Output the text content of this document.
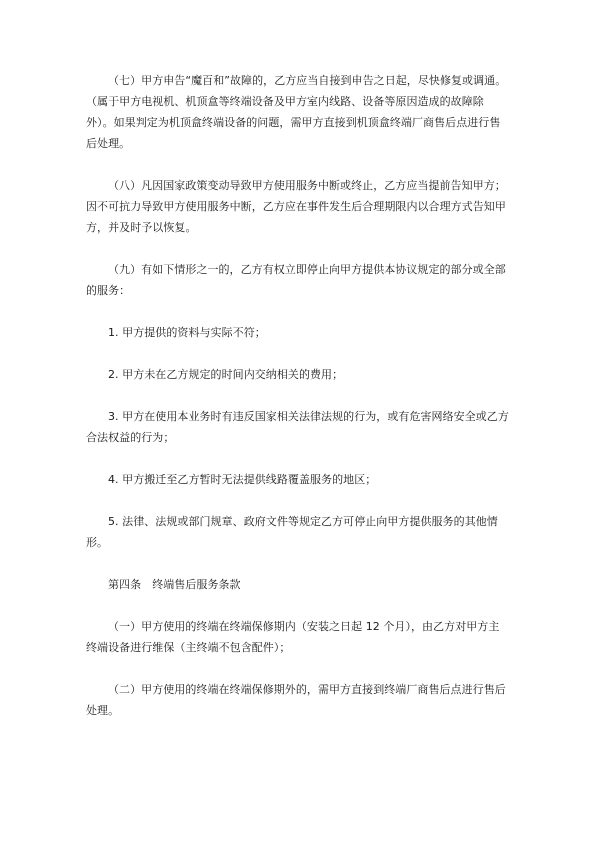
（七）甲方申告“魔百和”故障的，乙方应当自接到申告之日起，尽快修复或调通。（属于甲方电视机、机顶盒等终端设备及甲方室内线路、设备等原因造成的故障除外）。如果判定为机顶盒终端设备的问题，需甲方直接到机顶盒终端厂商售后点进行售后处理。

（八）凡因国家政策变动导致甲方使用服务中断或终止，乙方应当提前告知甲方；因不可抗力导致甲方使用服务中断，乙方应在事件发生后合理期限内以合理方式告知甲方，并及时予以恢复。

（九）有如下情形之一的，乙方有权立即停止向甲方提供本协议规定的部分或全部的服务：

1. 甲方提供的资料与实际不符；

2. 甲方未在乙方规定的时间内交纳相关的费用；

3. 甲方在使用本业务时有违反国家相关法律法规的行为，或有危害网络安全或乙方合法权益的行为；

4. 甲方搬迁至乙方暂时无法提供线路覆盖服务的地区；

5. 法律、法规或部门规章、政府文件等规定乙方可停止向甲方提供服务的其他情形。

第四条　终端售后服务条款

（一）甲方使用的终端在终端保修期内（安装之日起 12 个月），由乙方对甲方主终端设备进行维保（主终端不包含配件）；

（二）甲方使用的终端在终端保修期外的，需甲方直接到终端厂商售后点进行售后处理。
